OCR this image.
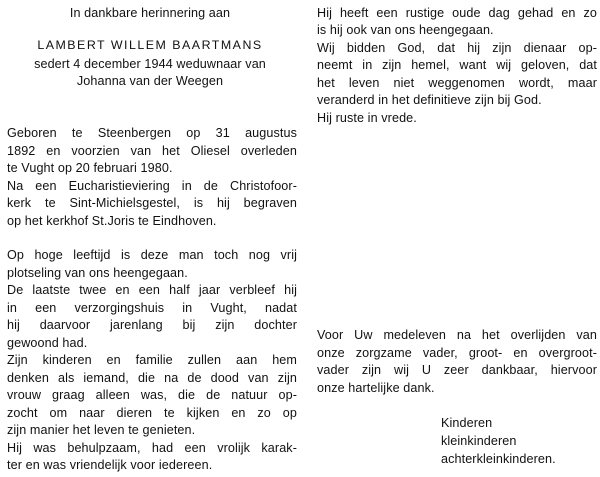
In dankbare herinnering aan
LAMBERT WILLEM BAARTMANS
sedert 4 december 1944 weduwnaar van
Johanna van der Weegen
Geboren te Steenbergen op 31 augustus
1892 en voorzien van het Oliesel overleden
te Vught op 20 februari 1980.
Na een Eucharistieviering in de Christofoor-
kerk te Sint-Michielsgestel, is hij begraven
op het kerkhof St.Joris te Eindhoven.
Op hoge leeftijd is deze man toch nog vrij
plotseling van ons heengegaan.
De laatste twee en een half jaar verbleef hij
in een verzorgingshuis in Vught, nadat
hij daarvoor jarenlang bij zijn dochter
gewoond had.
Zijn kinderen en familie zullen aan hem
denken als iemand, die na de dood van zijn
vrouw graag alleen was, die de natuur op-
zocht om naar dieren te kijken en zo op
zijn manier het leven te genieten.
Hij was behulpzaam, had een vrolijk karak-
ter en was vriendelijk voor iedereen.
Hij heeft een rustige oude dag gehad en zo
is hij ook van ons heengegaan.
Wij bidden God, dat hij zijn dienaar op-
neemt in zijn hemel, want wij geloven, dat
het leven niet weggenomen wordt, maar
veranderd in het definitieve zijn bij God.
Hij ruste in vrede.
Voor Uw medeleven na het overlijden van
onze zorgzame vader, groot- en overgroot-
vader zijn wij U zeer dankbaar, hiervoor
onze hartelijke dank.
Kinderen
kleinkinderen
achterkleinkinderen.
